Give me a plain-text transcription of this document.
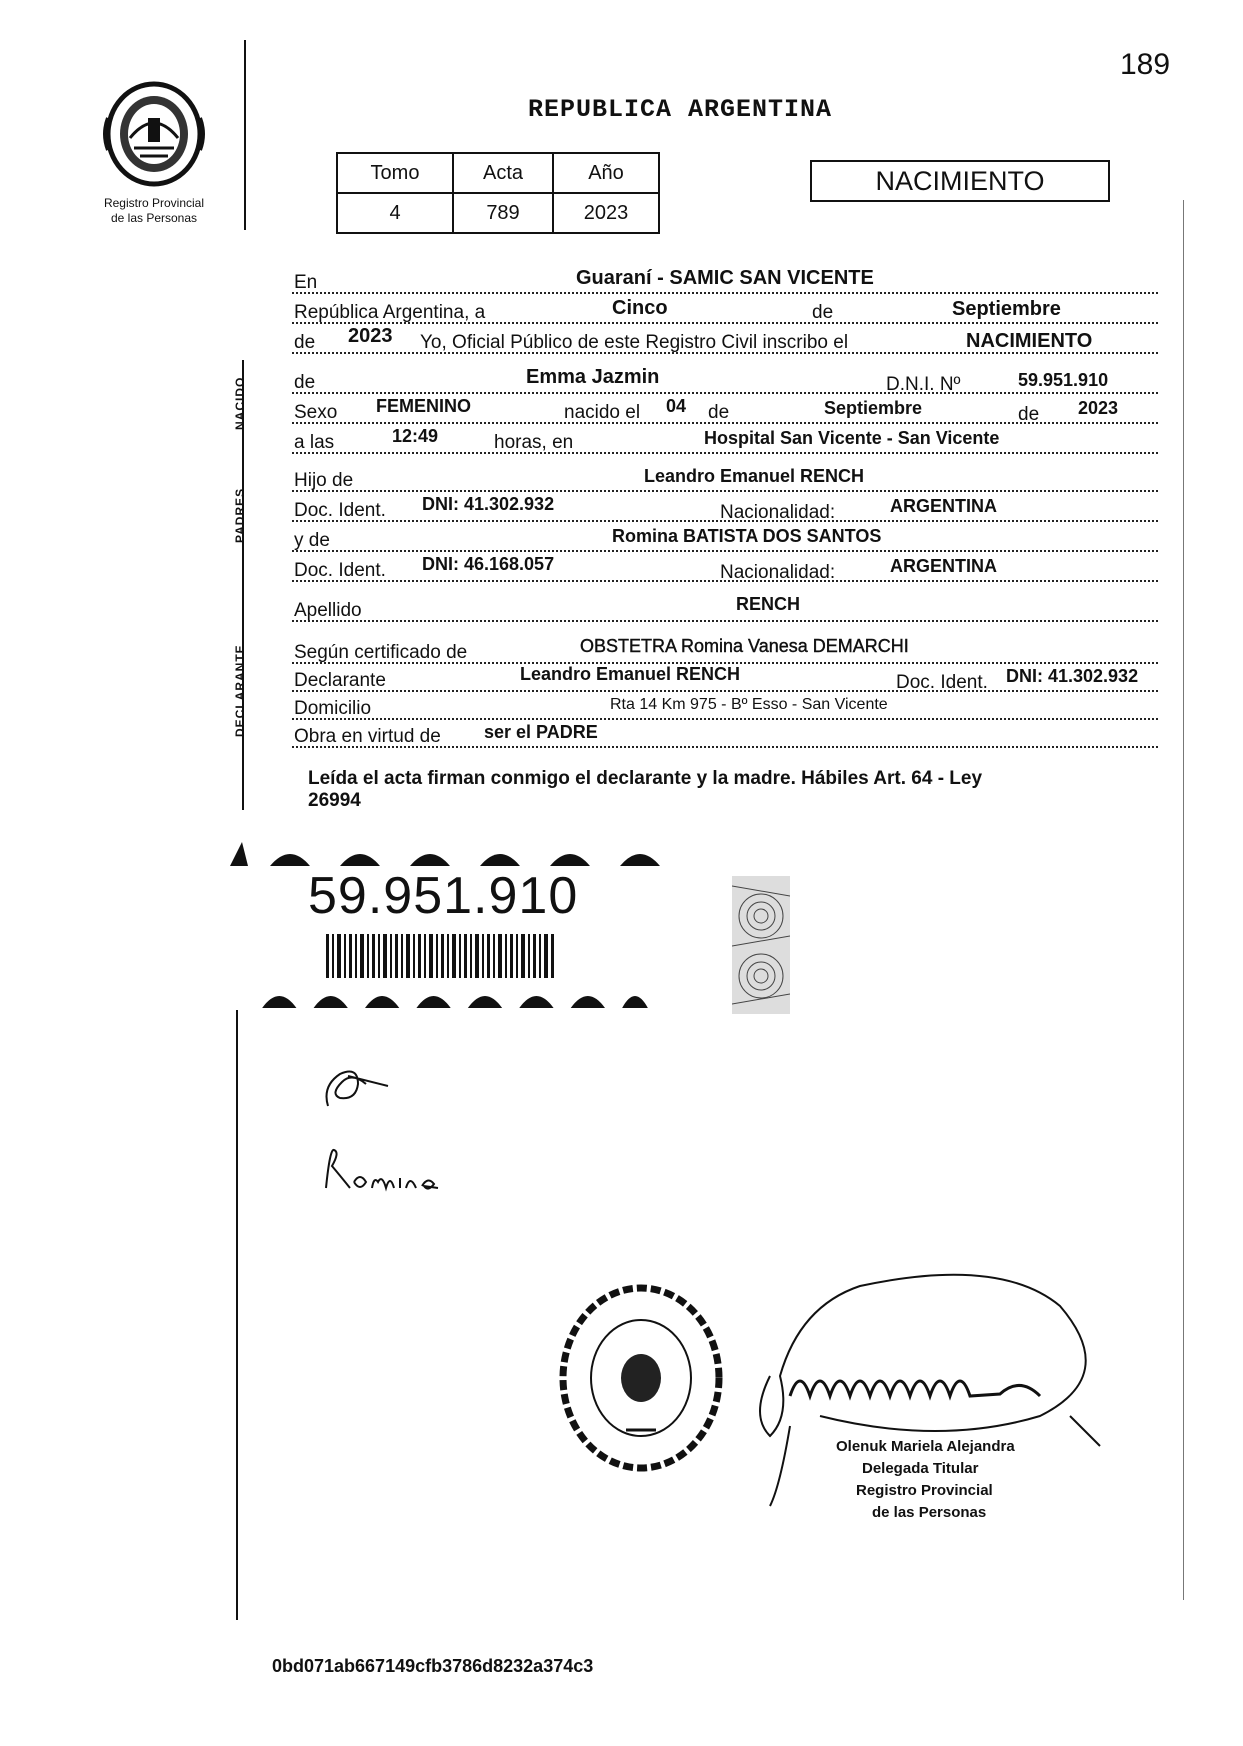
189
Registro Provincial
de las Personas
REPUBLICA ARGENTINA
Tomo	Acta	Año
4	789	2023
NACIMIENTO
NACIDO
PADRES
DECLARANTE
En	Guaraní - SAMIC SAN VICENTE
República Argentina, a	Cinco	de	Septiembre
de 2023 Yo, Oficial Público de este Registro Civil inscribo el	NACIMIENTO
de	Emma Jazmin	D.N.I. Nº	59.951.910
Sexo FEMENINO	nacido el 04 de	Septiembre	de 2023
a las	12:49	horas, en	Hospital San Vicente - San Vicente
Hijo de	Leandro Emanuel RENCH
Doc. Ident. DNI: 41.302.932	Nacionalidad:	ARGENTINA
y de	Romina BATISTA DOS SANTOS
Doc. Ident. DNI: 46.168.057	Nacionalidad:	ARGENTINA
Apellido	RENCH
Según certificado de	OBSTETRA Romina Vanesa DEMARCHI
Declarante	Leandro Emanuel RENCH	Doc. Ident. DNI: 41.302.932
Domicilio	Rta 14 Km 975 - Bº Esso - San Vicente
Obra en virtud de ser el PADRE
Leída el acta firman conmigo el declarante y la madre. Hábiles Art. 64 - Ley
26994
59.951.910
Olenuk Mariela Alejandra
Delegada Titular
Registro Provincial
de las Personas
0bd071ab667149cfb3786d8232a374c3
